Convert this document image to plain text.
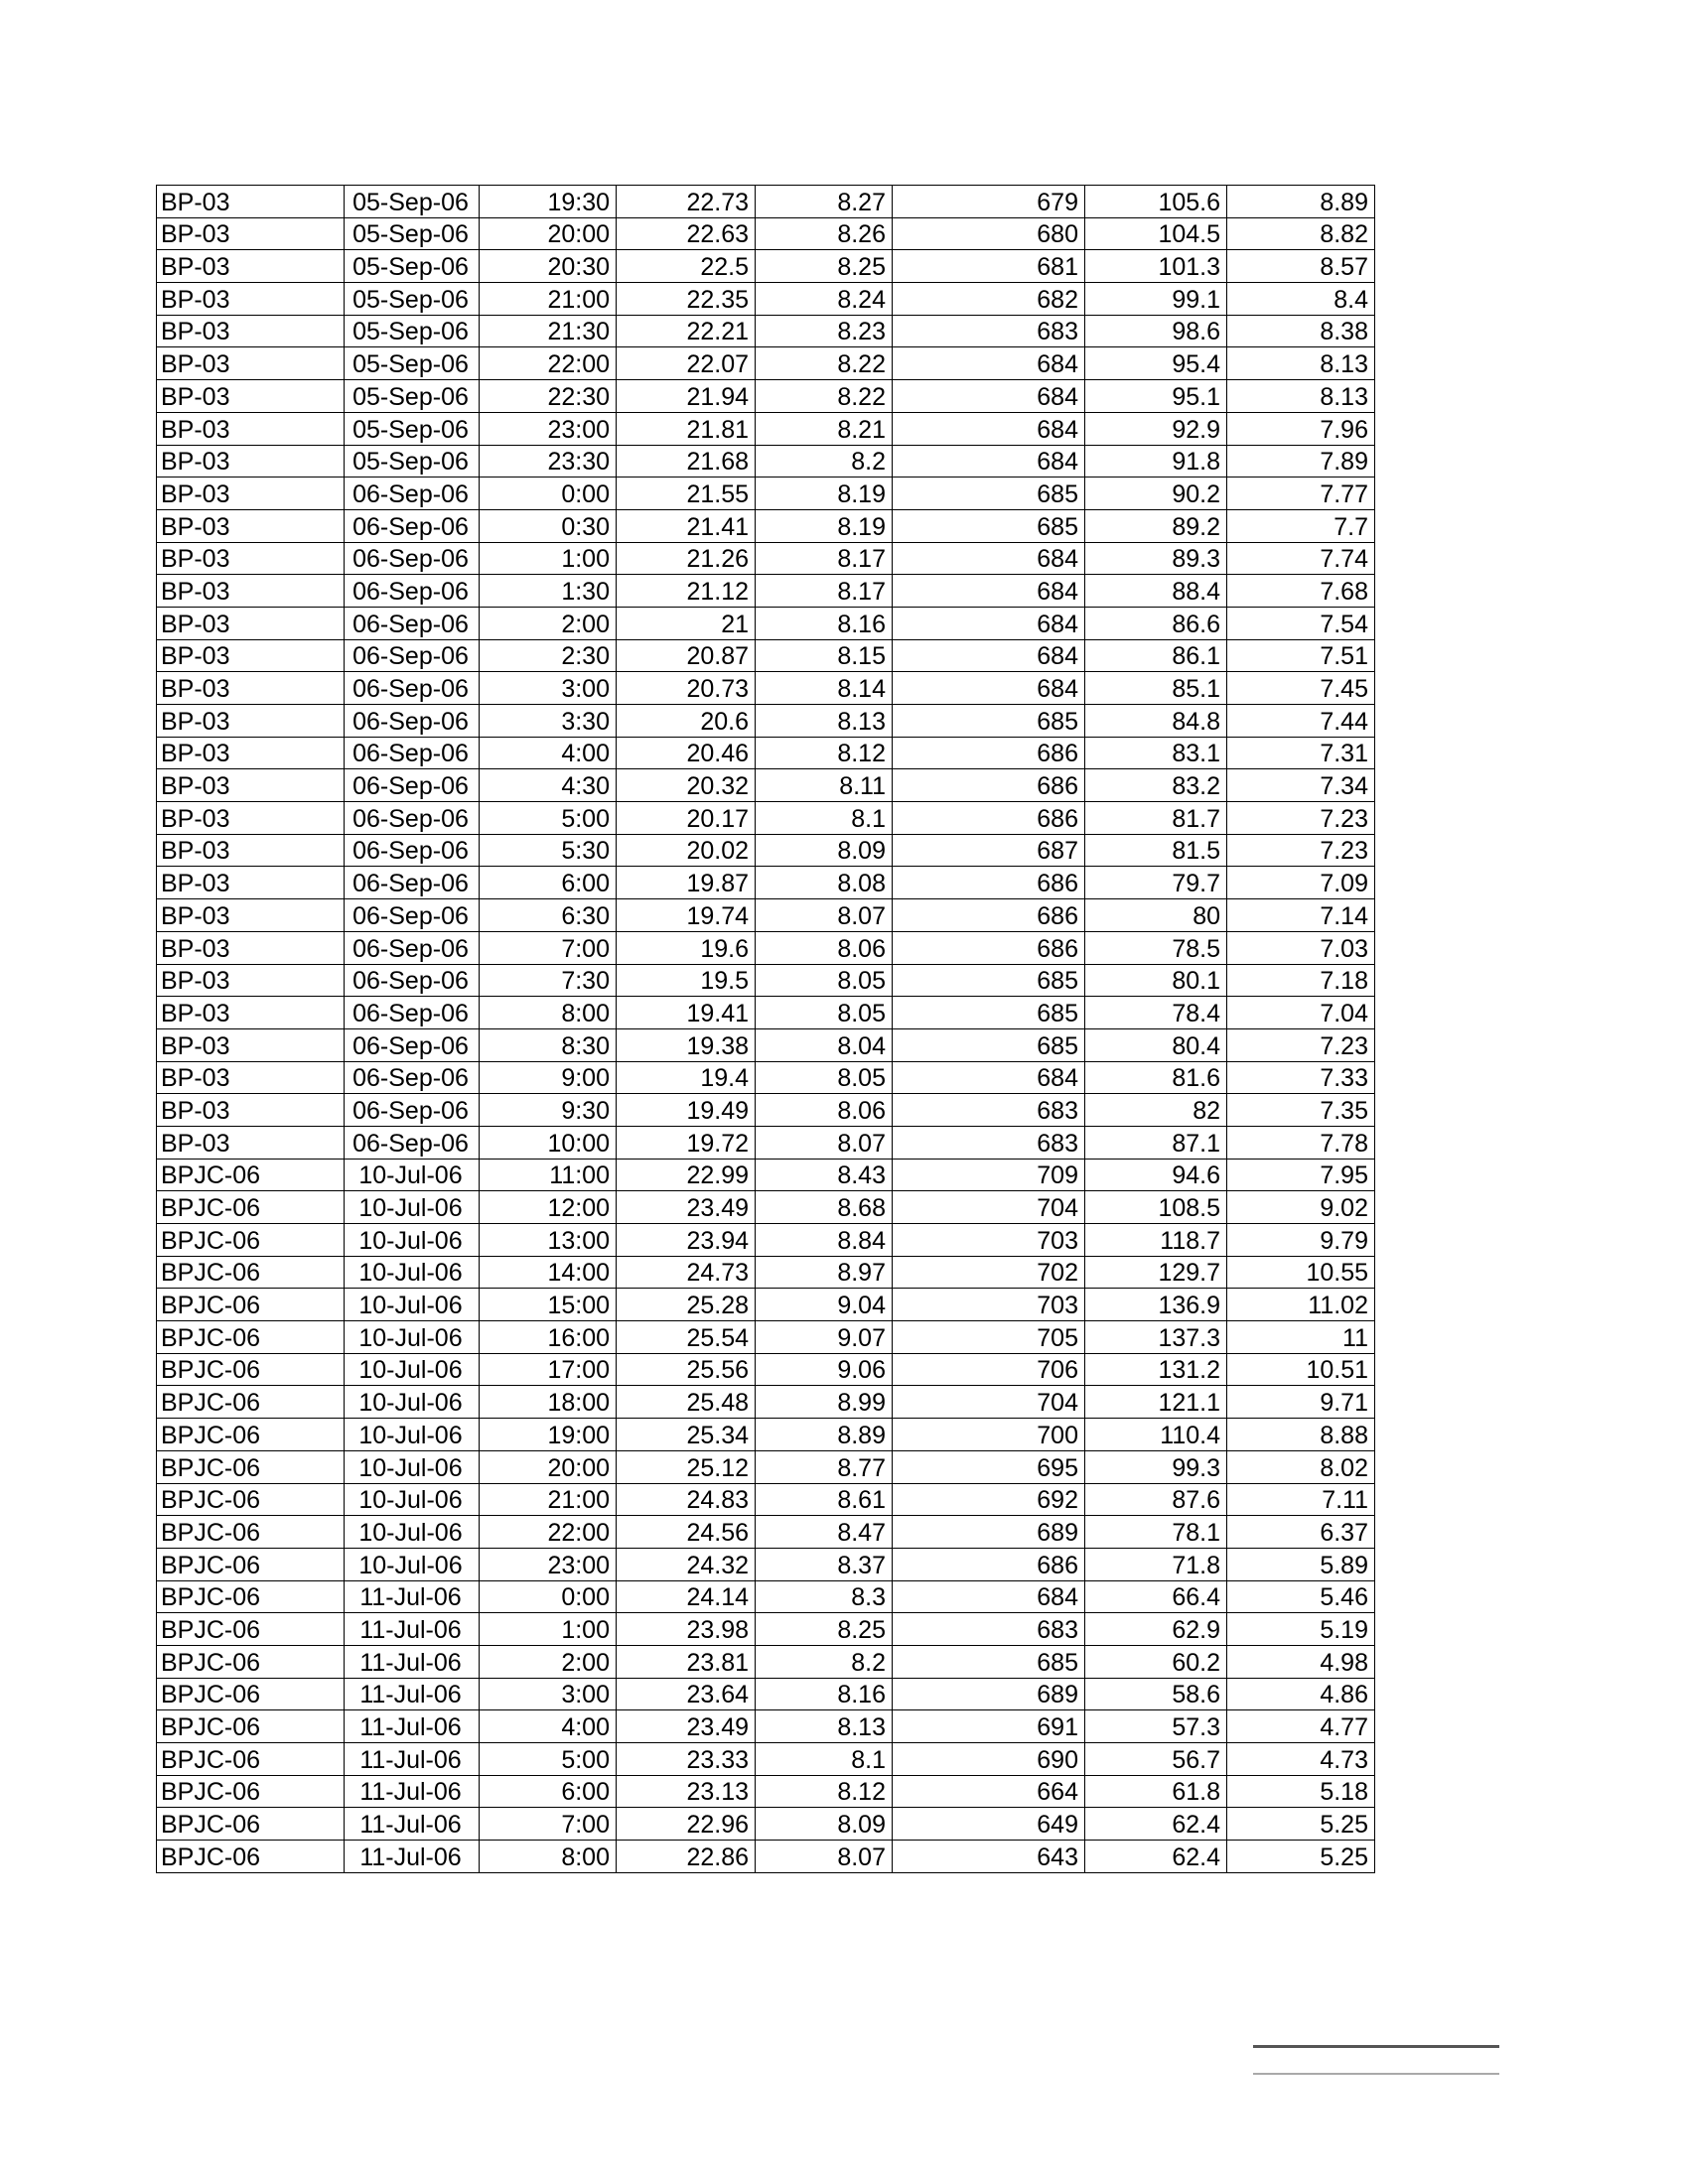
BP-03	05-Sep-06	19:30	22.73	8.27	679	105.6	8.89
BP-03	05-Sep-06	20:00	22.63	8.26	680	104.5	8.82
BP-03	05-Sep-06	20:30	22.5	8.25	681	101.3	8.57
BP-03	05-Sep-06	21:00	22.35	8.24	682	99.1	8.4
BP-03	05-Sep-06	21:30	22.21	8.23	683	98.6	8.38
BP-03	05-Sep-06	22:00	22.07	8.22	684	95.4	8.13
BP-03	05-Sep-06	22:30	21.94	8.22	684	95.1	8.13
BP-03	05-Sep-06	23:00	21.81	8.21	684	92.9	7.96
BP-03	05-Sep-06	23:30	21.68	8.2	684	91.8	7.89
BP-03	06-Sep-06	0:00	21.55	8.19	685	90.2	7.77
BP-03	06-Sep-06	0:30	21.41	8.19	685	89.2	7.7
BP-03	06-Sep-06	1:00	21.26	8.17	684	89.3	7.74
BP-03	06-Sep-06	1:30	21.12	8.17	684	88.4	7.68
BP-03	06-Sep-06	2:00	21	8.16	684	86.6	7.54
BP-03	06-Sep-06	2:30	20.87	8.15	684	86.1	7.51
BP-03	06-Sep-06	3:00	20.73	8.14	684	85.1	7.45
BP-03	06-Sep-06	3:30	20.6	8.13	685	84.8	7.44
BP-03	06-Sep-06	4:00	20.46	8.12	686	83.1	7.31
BP-03	06-Sep-06	4:30	20.32	8.11	686	83.2	7.34
BP-03	06-Sep-06	5:00	20.17	8.1	686	81.7	7.23
BP-03	06-Sep-06	5:30	20.02	8.09	687	81.5	7.23
BP-03	06-Sep-06	6:00	19.87	8.08	686	79.7	7.09
BP-03	06-Sep-06	6:30	19.74	8.07	686	80	7.14
BP-03	06-Sep-06	7:00	19.6	8.06	686	78.5	7.03
BP-03	06-Sep-06	7:30	19.5	8.05	685	80.1	7.18
BP-03	06-Sep-06	8:00	19.41	8.05	685	78.4	7.04
BP-03	06-Sep-06	8:30	19.38	8.04	685	80.4	7.23
BP-03	06-Sep-06	9:00	19.4	8.05	684	81.6	7.33
BP-03	06-Sep-06	9:30	19.49	8.06	683	82	7.35
BP-03	06-Sep-06	10:00	19.72	8.07	683	87.1	7.78
BPJC-06	10-Jul-06	11:00	22.99	8.43	709	94.6	7.95
BPJC-06	10-Jul-06	12:00	23.49	8.68	704	108.5	9.02
BPJC-06	10-Jul-06	13:00	23.94	8.84	703	118.7	9.79
BPJC-06	10-Jul-06	14:00	24.73	8.97	702	129.7	10.55
BPJC-06	10-Jul-06	15:00	25.28	9.04	703	136.9	11.02
BPJC-06	10-Jul-06	16:00	25.54	9.07	705	137.3	11
BPJC-06	10-Jul-06	17:00	25.56	9.06	706	131.2	10.51
BPJC-06	10-Jul-06	18:00	25.48	8.99	704	121.1	9.71
BPJC-06	10-Jul-06	19:00	25.34	8.89	700	110.4	8.88
BPJC-06	10-Jul-06	20:00	25.12	8.77	695	99.3	8.02
BPJC-06	10-Jul-06	21:00	24.83	8.61	692	87.6	7.11
BPJC-06	10-Jul-06	22:00	24.56	8.47	689	78.1	6.37
BPJC-06	10-Jul-06	23:00	24.32	8.37	686	71.8	5.89
BPJC-06	11-Jul-06	0:00	24.14	8.3	684	66.4	5.46
BPJC-06	11-Jul-06	1:00	23.98	8.25	683	62.9	5.19
BPJC-06	11-Jul-06	2:00	23.81	8.2	685	60.2	4.98
BPJC-06	11-Jul-06	3:00	23.64	8.16	689	58.6	4.86
BPJC-06	11-Jul-06	4:00	23.49	8.13	691	57.3	4.77
BPJC-06	11-Jul-06	5:00	23.33	8.1	690	56.7	4.73
BPJC-06	11-Jul-06	6:00	23.13	8.12	664	61.8	5.18
BPJC-06	11-Jul-06	7:00	22.96	8.09	649	62.4	5.25
BPJC-06	11-Jul-06	8:00	22.86	8.07	643	62.4	5.25
